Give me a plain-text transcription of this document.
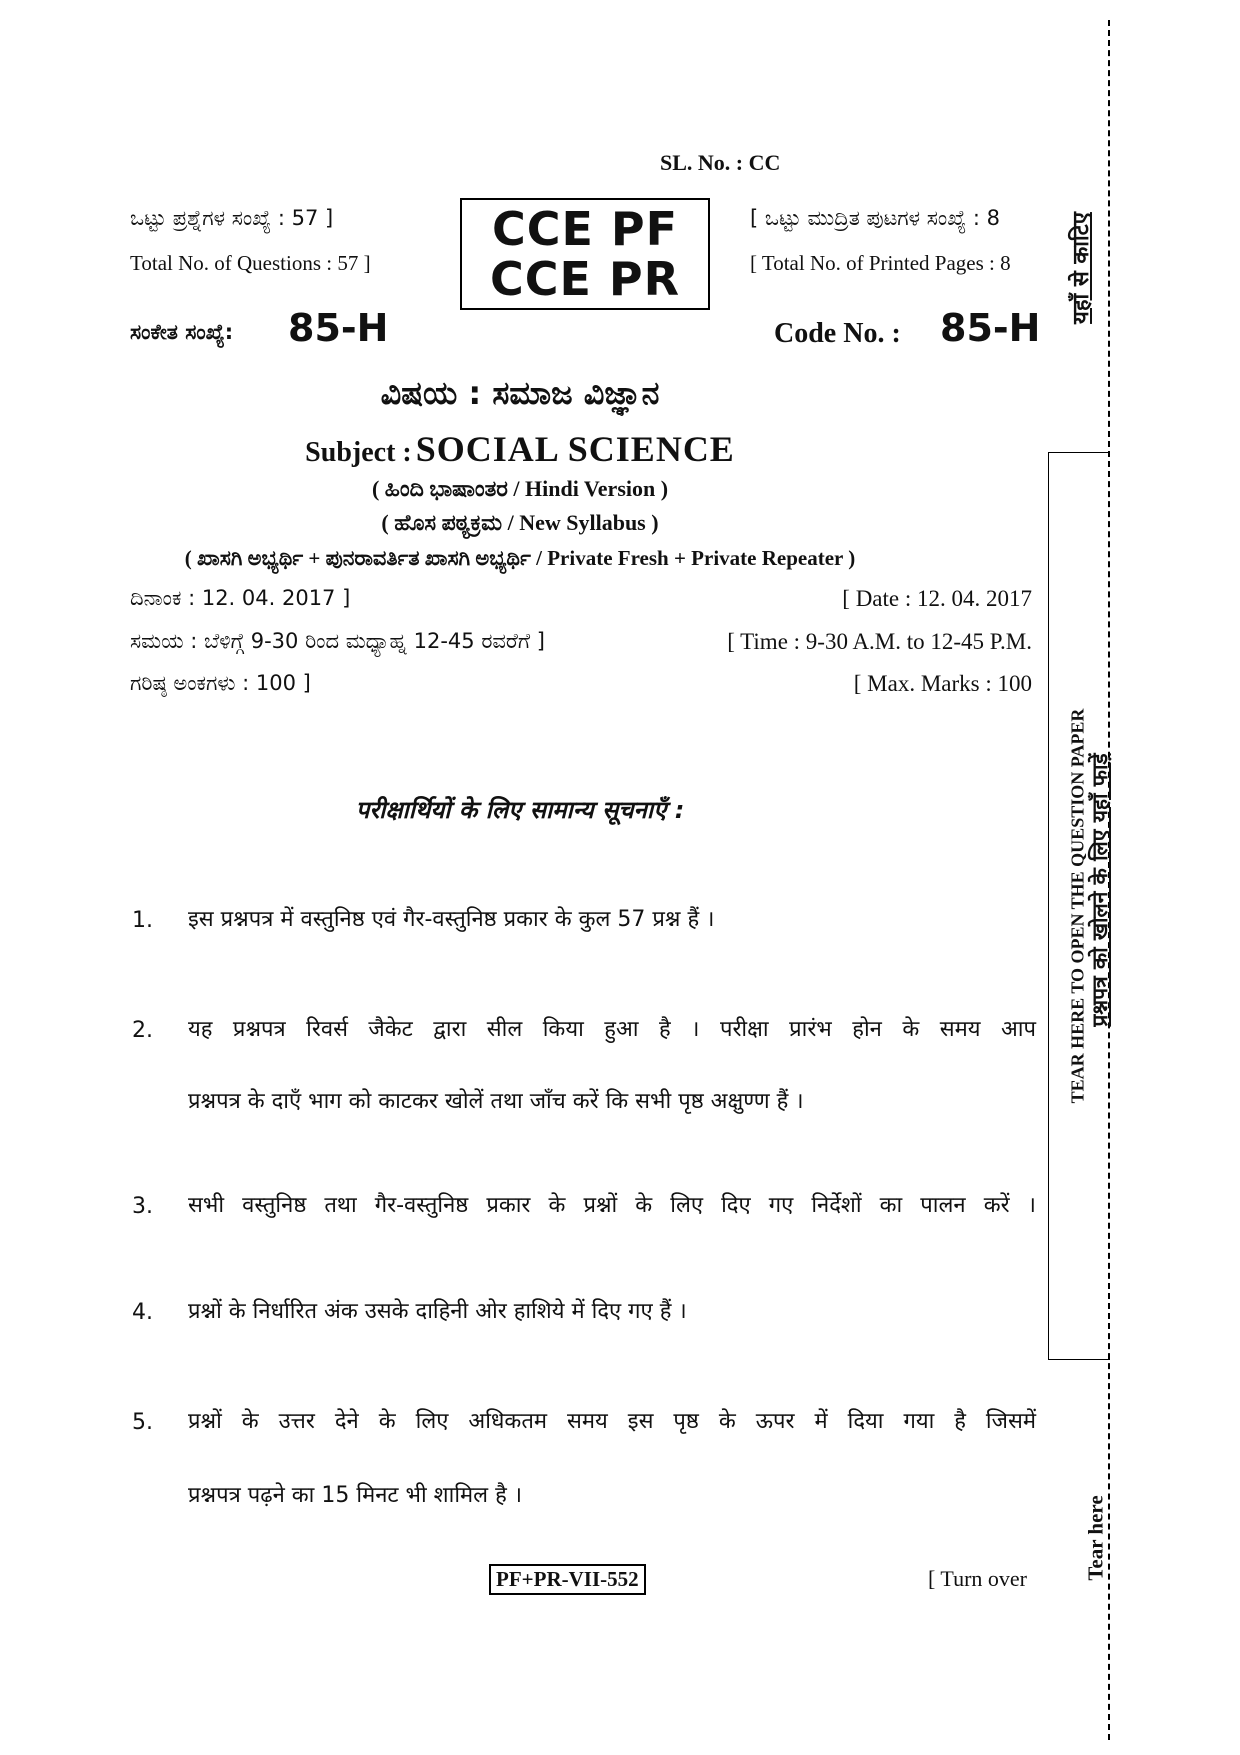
SL. No. : CC
ಒಟ್ಟು ಪ್ರಶ್ನೆಗಳ ಸಂಖ್ಯೆ : 57 ]
Total No. of Questions : 57 ]
CCE PF
CCE PR
[ ಒಟ್ಟು ಮುದ್ರಿತ ಪುಟಗಳ ಸಂಖ್ಯೆ : 8
[ Total No. of Printed Pages : 8
ಸಂಕೇತ ಸಂಖ್ಯೆ: 85-H	Code No. : 85-H
ವಿಷಯ : ಸಮಾಜ ವಿಜ್ಞಾನ
Subject : SOCIAL SCIENCE
( ಹಿಂದಿ ಭಾಷಾಂತರ / Hindi Version )
( ಹೊಸ ಪಠ್ಯಕ್ರಮ / New Syllabus )
( ಖಾಸಗಿ ಅಭ್ಯರ್ಥಿ + ಪುನರಾವರ್ತಿತ ಖಾಸಗಿ ಅಭ್ಯರ್ಥಿ / Private Fresh + Private Repeater )
ದಿನಾಂಕ : 12. 04. 2017 ]	[ Date : 12. 04. 2017
ಸಮಯ : ಬೆಳಿಗ್ಗೆ 9-30 ರಿಂದ ಮಧ್ಯಾಹ್ನ 12-45 ರವರೆಗೆ ]	[ Time : 9-30 A.M. to 12-45 P.M.
ಗರಿಷ್ಠ ಅಂಕಗಳು : 100 ]	[ Max. Marks : 100
परीक्षार्थियों के लिए सामान्य सूचनाएँ :
1. इस प्रश्नपत्र में वस्तुनिष्ठ एवं गैर-वस्तुनिष्ठ प्रकार के कुल 57 प्रश्न हैं ।
2. यह प्रश्नपत्र रिवर्स जैकेट द्वारा सील किया हुआ है । परीक्षा प्रारंभ होन के समय आप
प्रश्नपत्र के दाएँ भाग को काटकर खोलें तथा जाँच करें कि सभी पृष्ठ अक्षुण्ण हैं ।
3. सभी वस्तुनिष्ठ तथा गैर-वस्तुनिष्ठ प्रकार के प्रश्नों के लिए दिए गए निर्देशों का पालन करें ।
4. प्रश्नों के निर्धारित अंक उसके दाहिनी ओर हाशिये में दिए गए हैं ।
5. प्रश्नों के उत्तर देने के लिए अधिकतम समय इस पृष्ठ के ऊपर में दिया गया है जिसमें
प्रश्नपत्र पढ़ने का 15 मिनट भी शामिल है ।
PF+PR-VII-552	[ Turn over
TEAR HERE TO OPEN THE QUESTION PAPER प्रश्नपत्र को खोलने के लिए यहाँ फाड़ें
यहाँ से काटिए
Tear here
